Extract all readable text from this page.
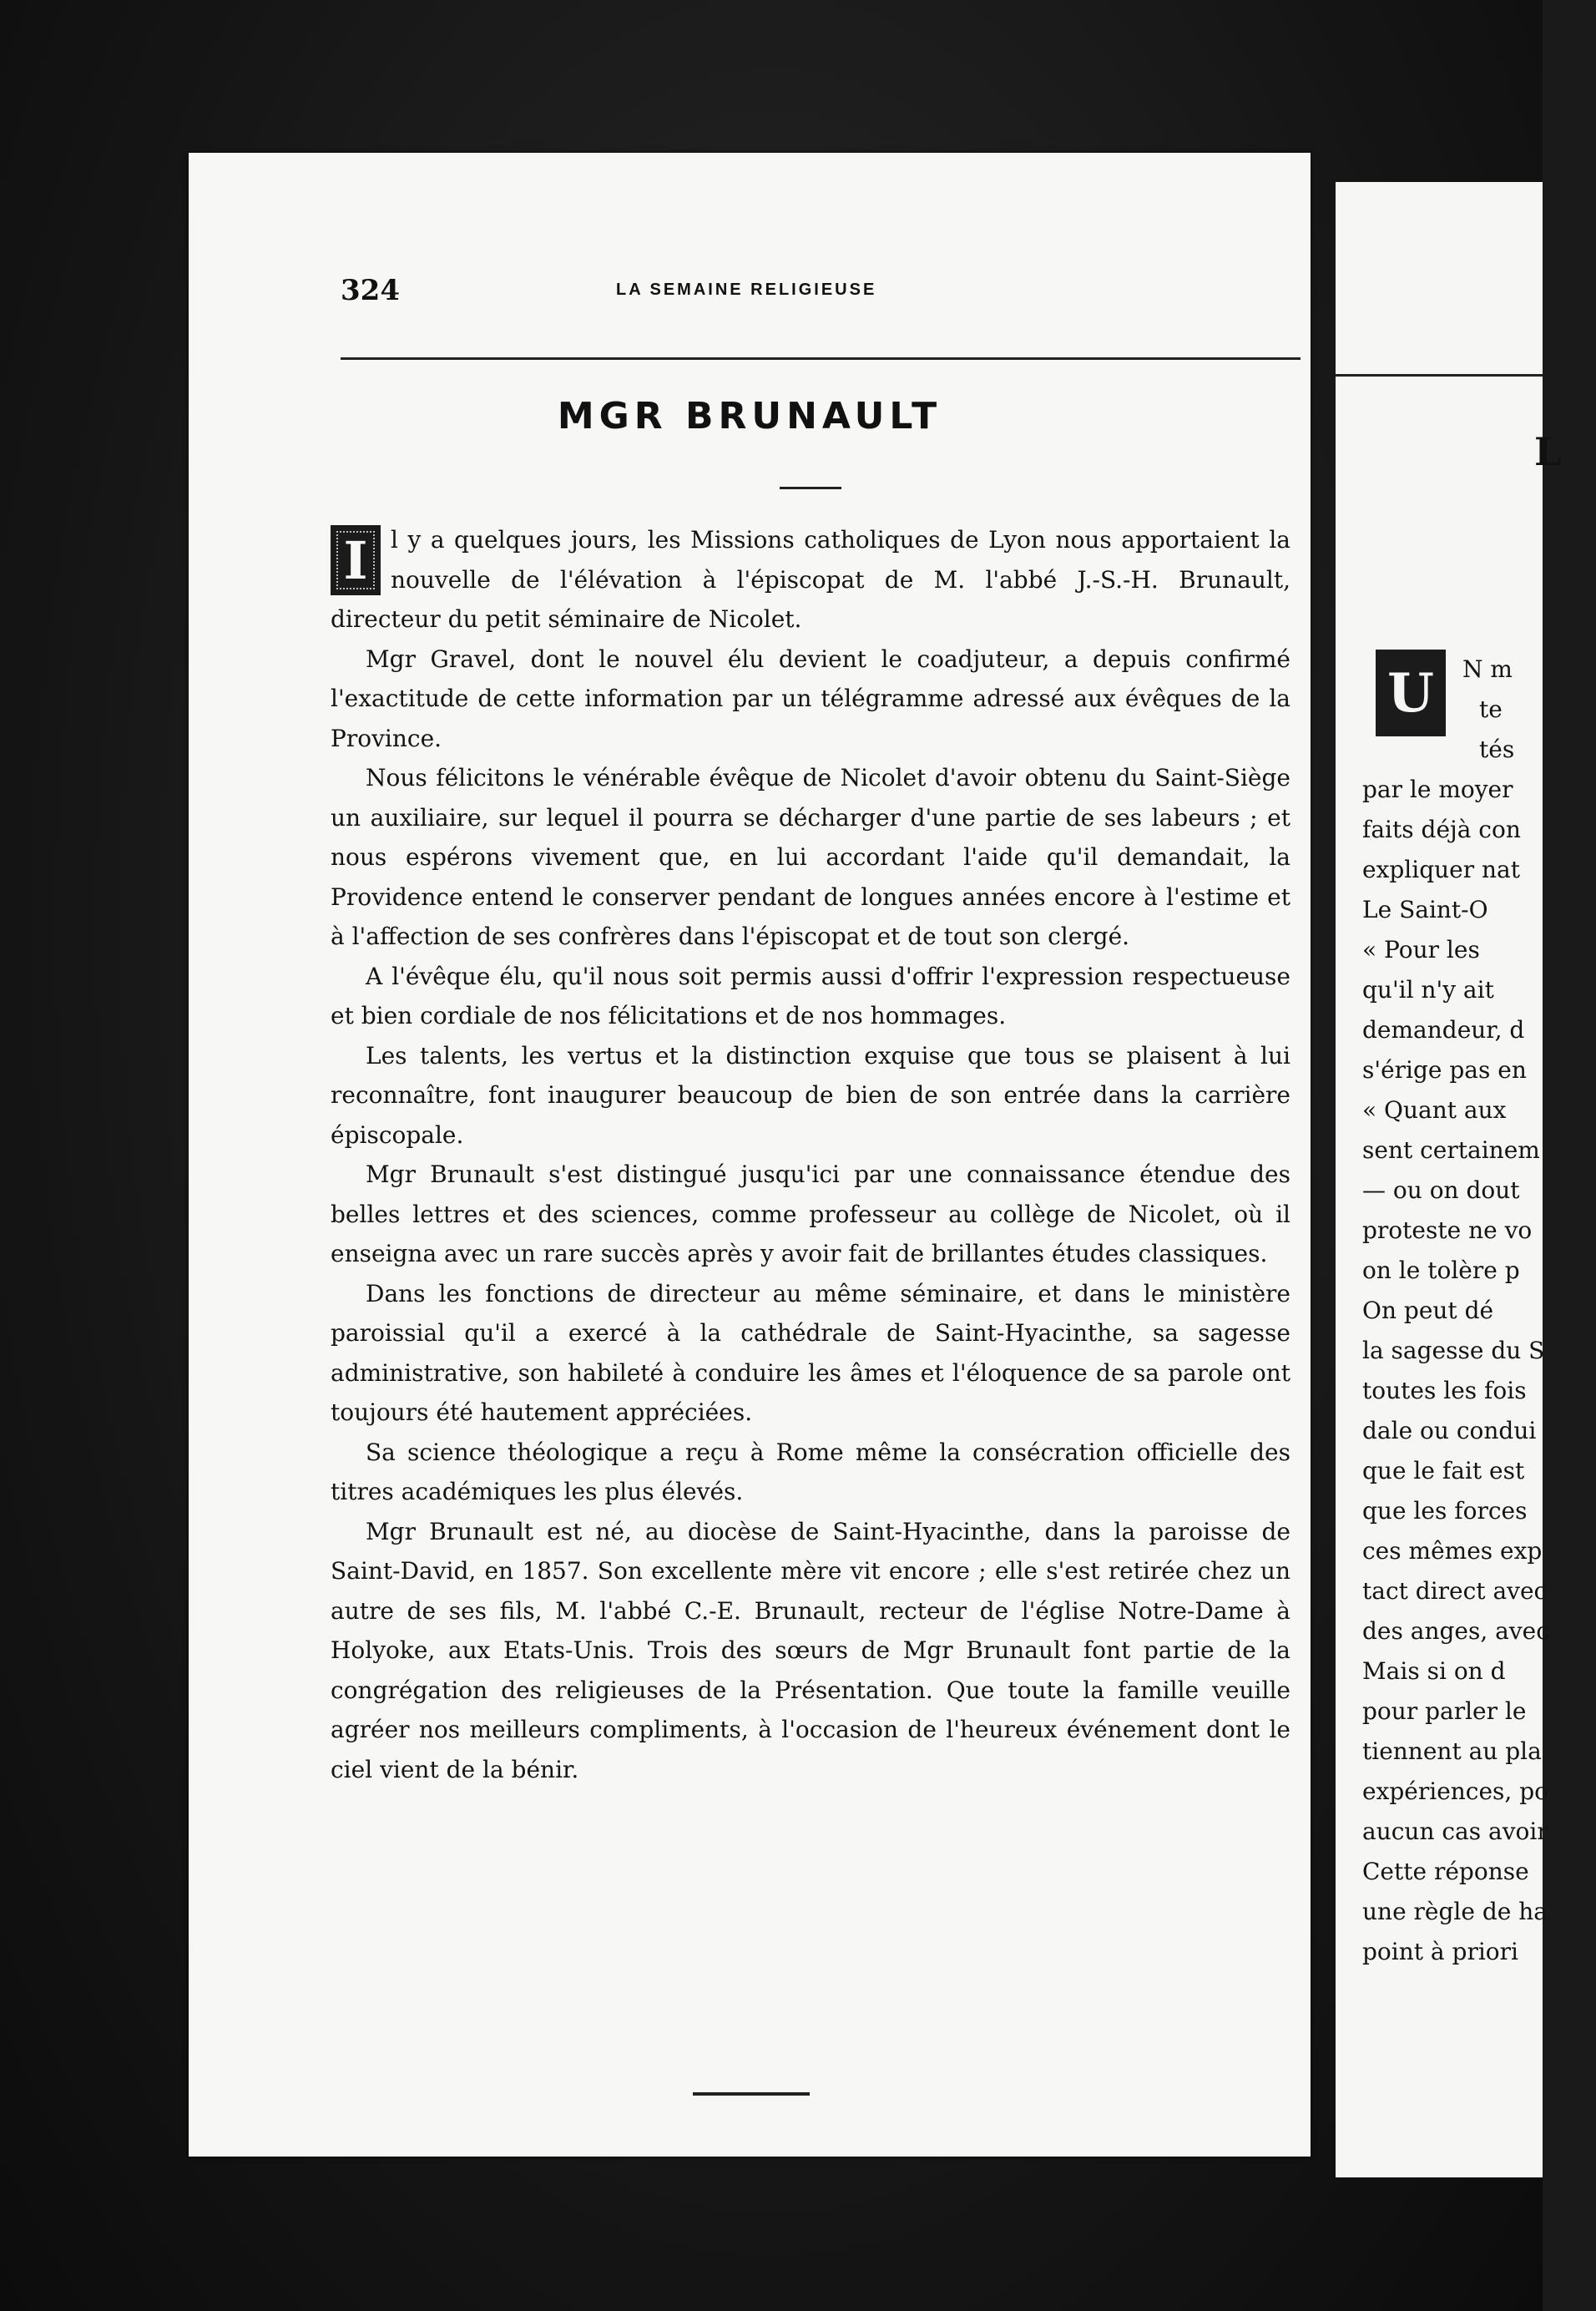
324	LA SEMAINE RELIGIEUSE
MGR BRUNAULT
I l y a quelques jours, les Missions catholiques de Lyon nous apportaient la nouvelle de l'élévation à l'épiscopat de M. l'abbé J.-S.-H. Brunault, directeur du petit séminaire de Nicolet.

Mgr Gravel, dont le nouvel élu devient le coadjuteur, a depuis confirmé l'exactitude de cette information par un télégramme adressé aux évêques de la Province.

Nous félicitons le vénérable évêque de Nicolet d'avoir obtenu du Saint-Siège un auxiliaire, sur lequel il pourra se décharger d'une partie de ses labeurs ; et nous espérons vivement que, en lui accordant l'aide qu'il demandait, la Providence entend le conserver pendant de longues années encore à l'estime et à l'affection de ses confrères dans l'épiscopat et de tout son clergé.

A l'évêque élu, qu'il nous soit permis aussi d'offrir l'expression respectueuse et bien cordiale de nos félicitations et de nos hommages.

Les talents, les vertus et la distinction exquise que tous se plaisent à lui reconnaître, font inaugurer beaucoup de bien de son entrée dans la carrière épiscopale.

Mgr Brunault s'est distingué jusqu'ici par une connaissance étendue des belles lettres et des sciences, comme professeur au collège de Nicolet, où il enseigna avec un rare succès après y avoir fait de brillantes études classiques.

Dans les fonctions de directeur au même séminaire, et dans le ministère paroissial qu'il a exercé à la cathédrale de Saint-Hyacinthe, sa sagesse administrative, son habileté à conduire les âmes et l'éloquence de sa parole ont toujours été hautement appréciées.

Sa science théologique a reçu à Rome même la consécration officielle des titres académiques les plus élevés.

Mgr Brunault est né, au diocèse de Saint-Hyacinthe, dans la paroisse de Saint-David, en 1857. Son excellente mère vit encore ; elle s'est retirée chez un autre de ses fils, M. l'abbé C.-E. Brunault, recteur de l'église Notre-Dame à Holyoke, aux Etats-Unis. Trois des sœurs de Mgr Brunault font partie de la congrégation des religieuses de la Présentation. Que toute la famille veuille agréer nos meilleurs compliments, à l'occasion de l'heureux événement dont le ciel vient de la bénir.

L
U	N m
te
tés
par le moyer
faits déjà con
expliquer nat
Le Saint-O
« Pour les
qu'il n'y ait
demandeur, d
s'érige pas en
« Quant aux
sent certainem
— ou on dout
proteste ne vo
on le tolère p
On peut dé
la sagesse du S
toutes les fois
dale ou condui
que le fait est
que les forces
ces mêmes exp
tact direct avec
des anges, avec
Mais si on d
pour parler le
tiennent au pla
expériences, po
aucun cas avoir
Cette réponse
une règle de ha
point à priori
